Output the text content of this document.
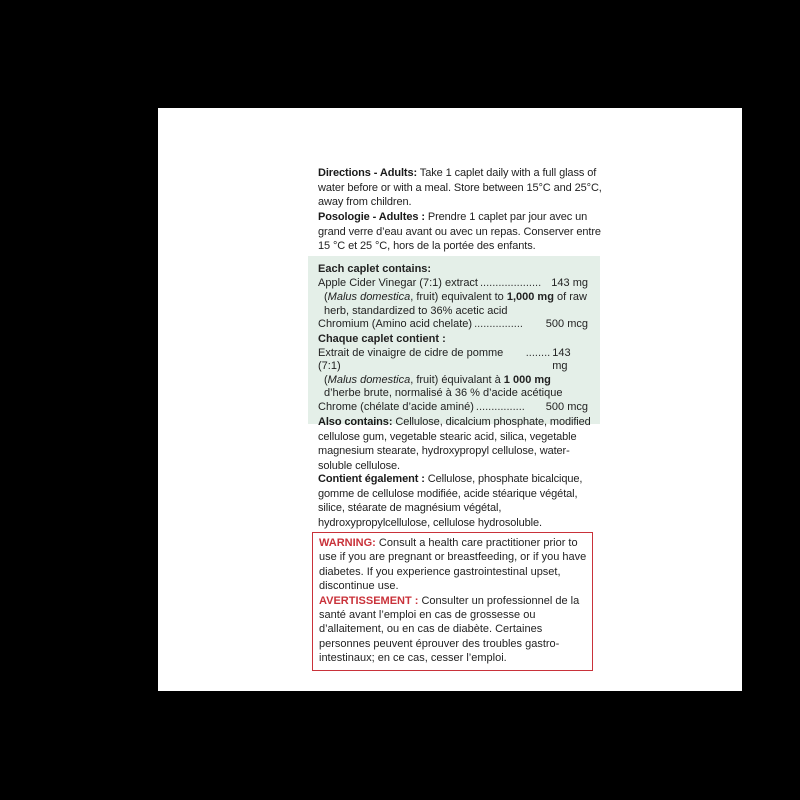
Directions - Adults: Take 1 caplet daily with a full glass of water before or with a meal. Store between 15°C and 25°C, away from children.
Posologie - Adultes : Prendre 1 caplet par jour avec un grand verre d’eau avant ou avec un repas. Conserver entre 15 °C et 25 °C, hors de la portée des enfants.
Each caplet contains:
Apple Cider Vinegar (7:1) extract .................... 143 mg
(Malus domestica, fruit) equivalent to 1,000 mg of raw herb, standardized to 36% acetic acid
Chromium (Amino acid chelate) ................	500 mcg
Chaque caplet contient :
Extrait de vinaigre de cidre de pomme (7:1)
........ 143 mg
(Malus domestica, fruit) équivalant à 1 000 mg d’herbe brute, normalisé à 36 % d’acide acétique
Chrome (chélate d’acide aminé) ................	500 mcg
Also contains: Cellulose, dicalcium phosphate, modified cellulose gum, vegetable stearic acid, silica, vegetable magnesium stearate, hydroxypropyl cellulose, water-soluble cellulose.
Contient également : Cellulose, phosphate bicalcique, gomme de cellulose modifiée, acide stéarique végétal, silice, stéarate de magnésium végétal, hydroxypropylcellulose, cellulose hydrosoluble.
WARNING: Consult a health care practitioner prior to use if you are pregnant or breastfeeding, or if you have diabetes. If you experience gastrointestinal upset, discontinue use.
AVERTISSEMENT : Consulter un professionnel de la santé avant l’emploi en cas de grossesse ou d’allaitement, ou en cas de diabète. Certaines personnes peuvent éprouver des troubles gastro-intestinaux; en ce cas, cesser l’emploi.
